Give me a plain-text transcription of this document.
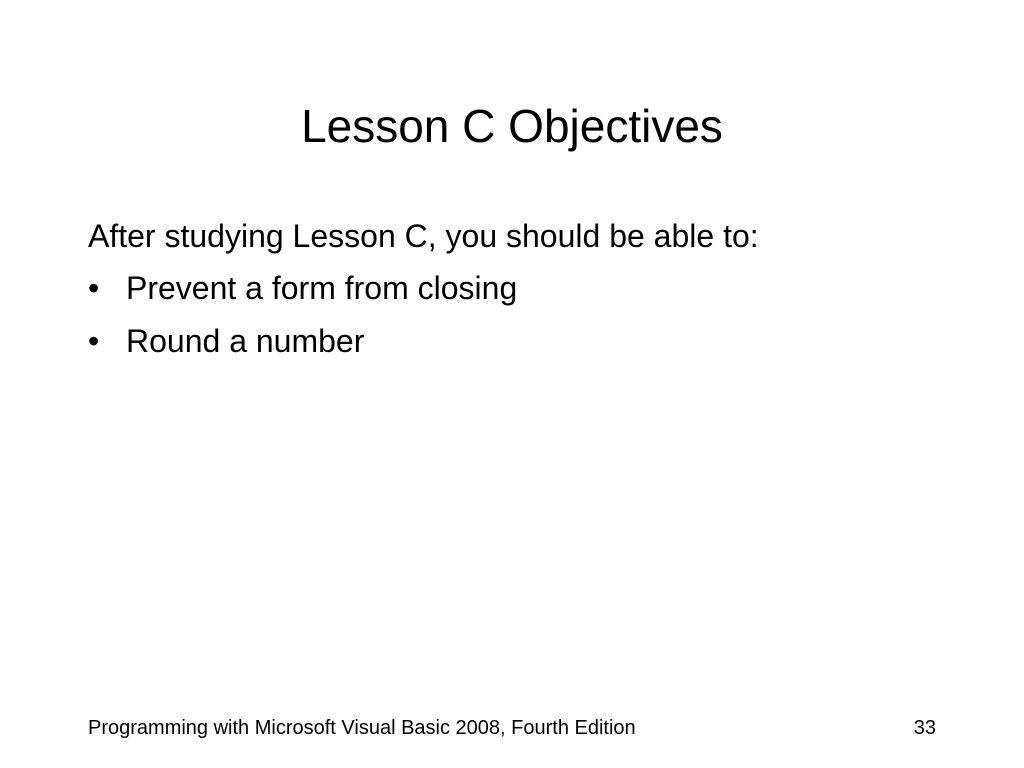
Lesson C Objectives
After studying Lesson C, you should be able to:
• Prevent a form from closing
• Round a number
Programming with Microsoft Visual Basic 2008, Fourth Edition	33
